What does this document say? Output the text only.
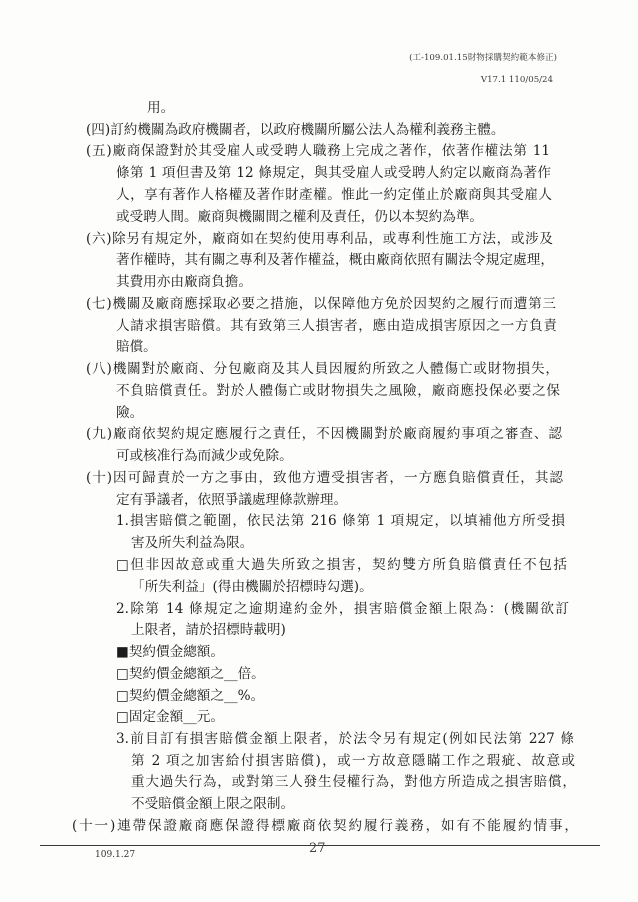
(工-109.01.15財物採購契約範本修正)
V17.1 110/05/24
用。
(四)訂約機關為政府機關者，以政府機關所屬公法人為權利義務主體。
(五)廠商保證對於其受雇人或受聘人職務上完成之著作，依著作權法第 11
條第 1 項但書及第 12 條規定，與其受雇人或受聘人約定以廠商為著作
人，享有著作人格權及著作財產權。惟此一約定僅止於廠商與其受雇人
或受聘人間。廠商與機關間之權利及責任，仍以本契約為準。
(六)除另有規定外，廠商如在契約使用專利品，或專利性施工方法，或涉及
著作權時，其有關之專利及著作權益，概由廠商依照有關法令規定處理，
其費用亦由廠商負擔。
(七)機關及廠商應採取必要之措施，以保障他方免於因契約之履行而遭第三
人請求損害賠償。其有致第三人損害者，應由造成損害原因之一方負責
賠償。
(八)機關對於廠商、分包廠商及其人員因履約所致之人體傷亡或財物損失，
不負賠償責任。對於人體傷亡或財物損失之風險，廠商應投保必要之保
險。
(九)廠商依契約規定應履行之責任，不因機關對於廠商履約事項之審查、認
可或核准行為而減少或免除。
(十)因可歸責於一方之事由，致他方遭受損害者，一方應負賠償責任，其認
定有爭議者，依照爭議處理條款辦理。
1.損害賠償之範圍，依民法第 216 條第 1 項規定，以填補他方所受損
害及所失利益為限。
□但非因故意或重大過失所致之損害，契約雙方所負賠償責任不包括
「所失利益」(得由機關於招標時勾選)。
2.除第 14 條規定之逾期違約金外，損害賠償金額上限為：(機關欲訂
上限者，請於招標時載明)
■契約價金總額。
□契約價金總額之__倍。
□契約價金總額之__%。
□固定金額__元。
3.前目訂有損害賠償金額上限者，於法令另有規定(例如民法第 227 條
第 2 項之加害給付損害賠償)，或一方故意隱瞞工作之瑕疵、故意或
重大過失行為，或對第三人發生侵權行為，對他方所造成之損害賠償，
不受賠償金額上限之限制。
(十一)連帶保證廠商應保證得標廠商依契約履行義務，如有不能履約情事，
109.1.27	27
